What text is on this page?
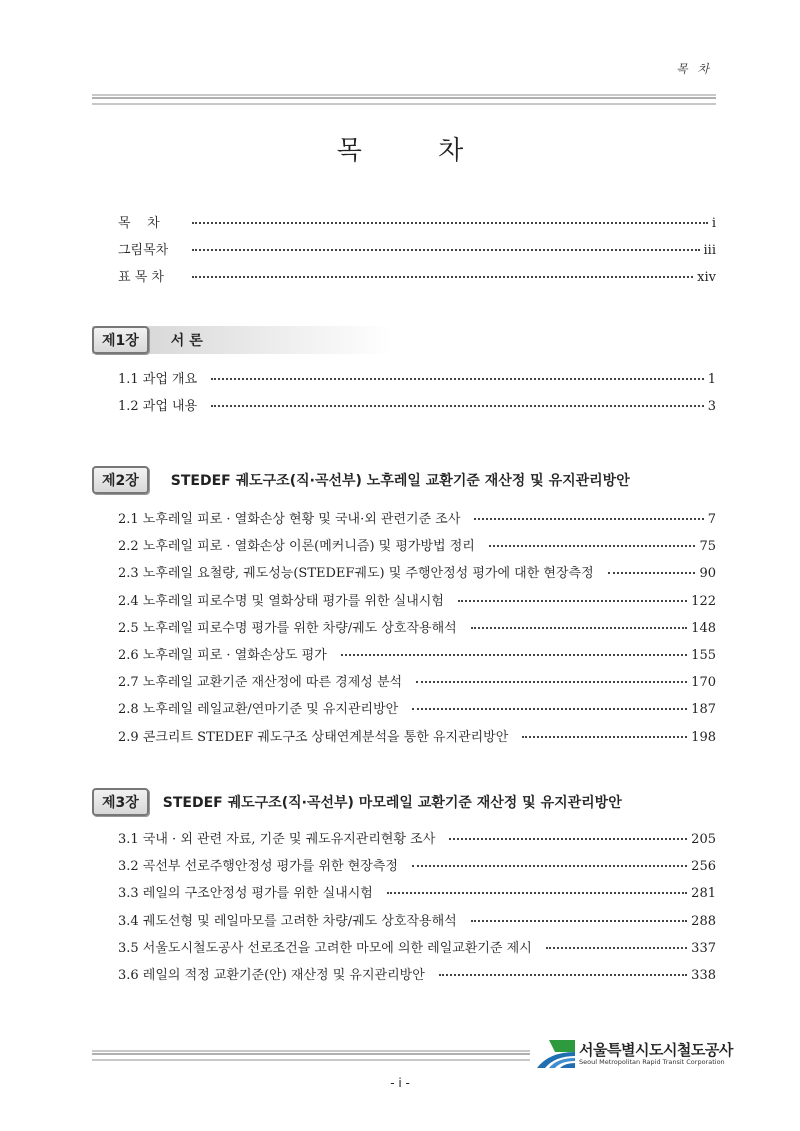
목 차
목 차
목    차	i
그림목차	iii
표 목 차	xiv
제1장	서 론
1.1 과업 개요	1
1.2 과업 내용	3
제2장	STEDEF 궤도구조(직·곡선부) 노후레일 교환기준 재산정 및 유지관리방안
2.1 노후레일 피로 · 열화손상 현황 및 국내·외 관련기준 조사	7
2.2 노후레일 피로 · 열화손상 이론(메커니즘) 및 평가방법 정리	75
2.3 노후레일 요철량, 궤도성능(STEDEF궤도) 및 주행안정성 평가에 대한 현장측정	90
2.4 노후레일 피로수명 및 열화상태 평가를 위한 실내시험	122
2.5 노후레일 피로수명 평가를 위한 차량/궤도 상호작용해석	148
2.6 노후레일 피로 · 열화손상도 평가	155
2.7 노후레일 교환기준 재산정에 따른 경제성 분석	170
2.8 노후레일 레일교환/연마기준 및 유지관리방안	187
2.9 콘크리트 STEDEF 궤도구조 상태연계분석을 통한 유지관리방안	198
제3장	STEDEF 궤도구조(직·곡선부) 마모레일 교환기준 재산정 및 유지관리방안
3.1 국내 · 외 관련 자료, 기준 및 궤도유지관리현황 조사	205
3.2 곡선부 선로주행안정성 평가를 위한 현장측정	256
3.3 레일의 구조안정성 평가를 위한 실내시험	281
3.4 궤도선형 및 레일마모를 고려한 차량/궤도 상호작용해석	288
3.5 서울도시철도공사 선로조건을 고려한 마모에 의한 레일교환기준 제시	337
3.6 레일의 적정 교환기준(안) 재산정 및 유지관리방안	338
서울특별시도시철도공사
Seoul Metropolitan Rapid Transit Corporation
- i -
